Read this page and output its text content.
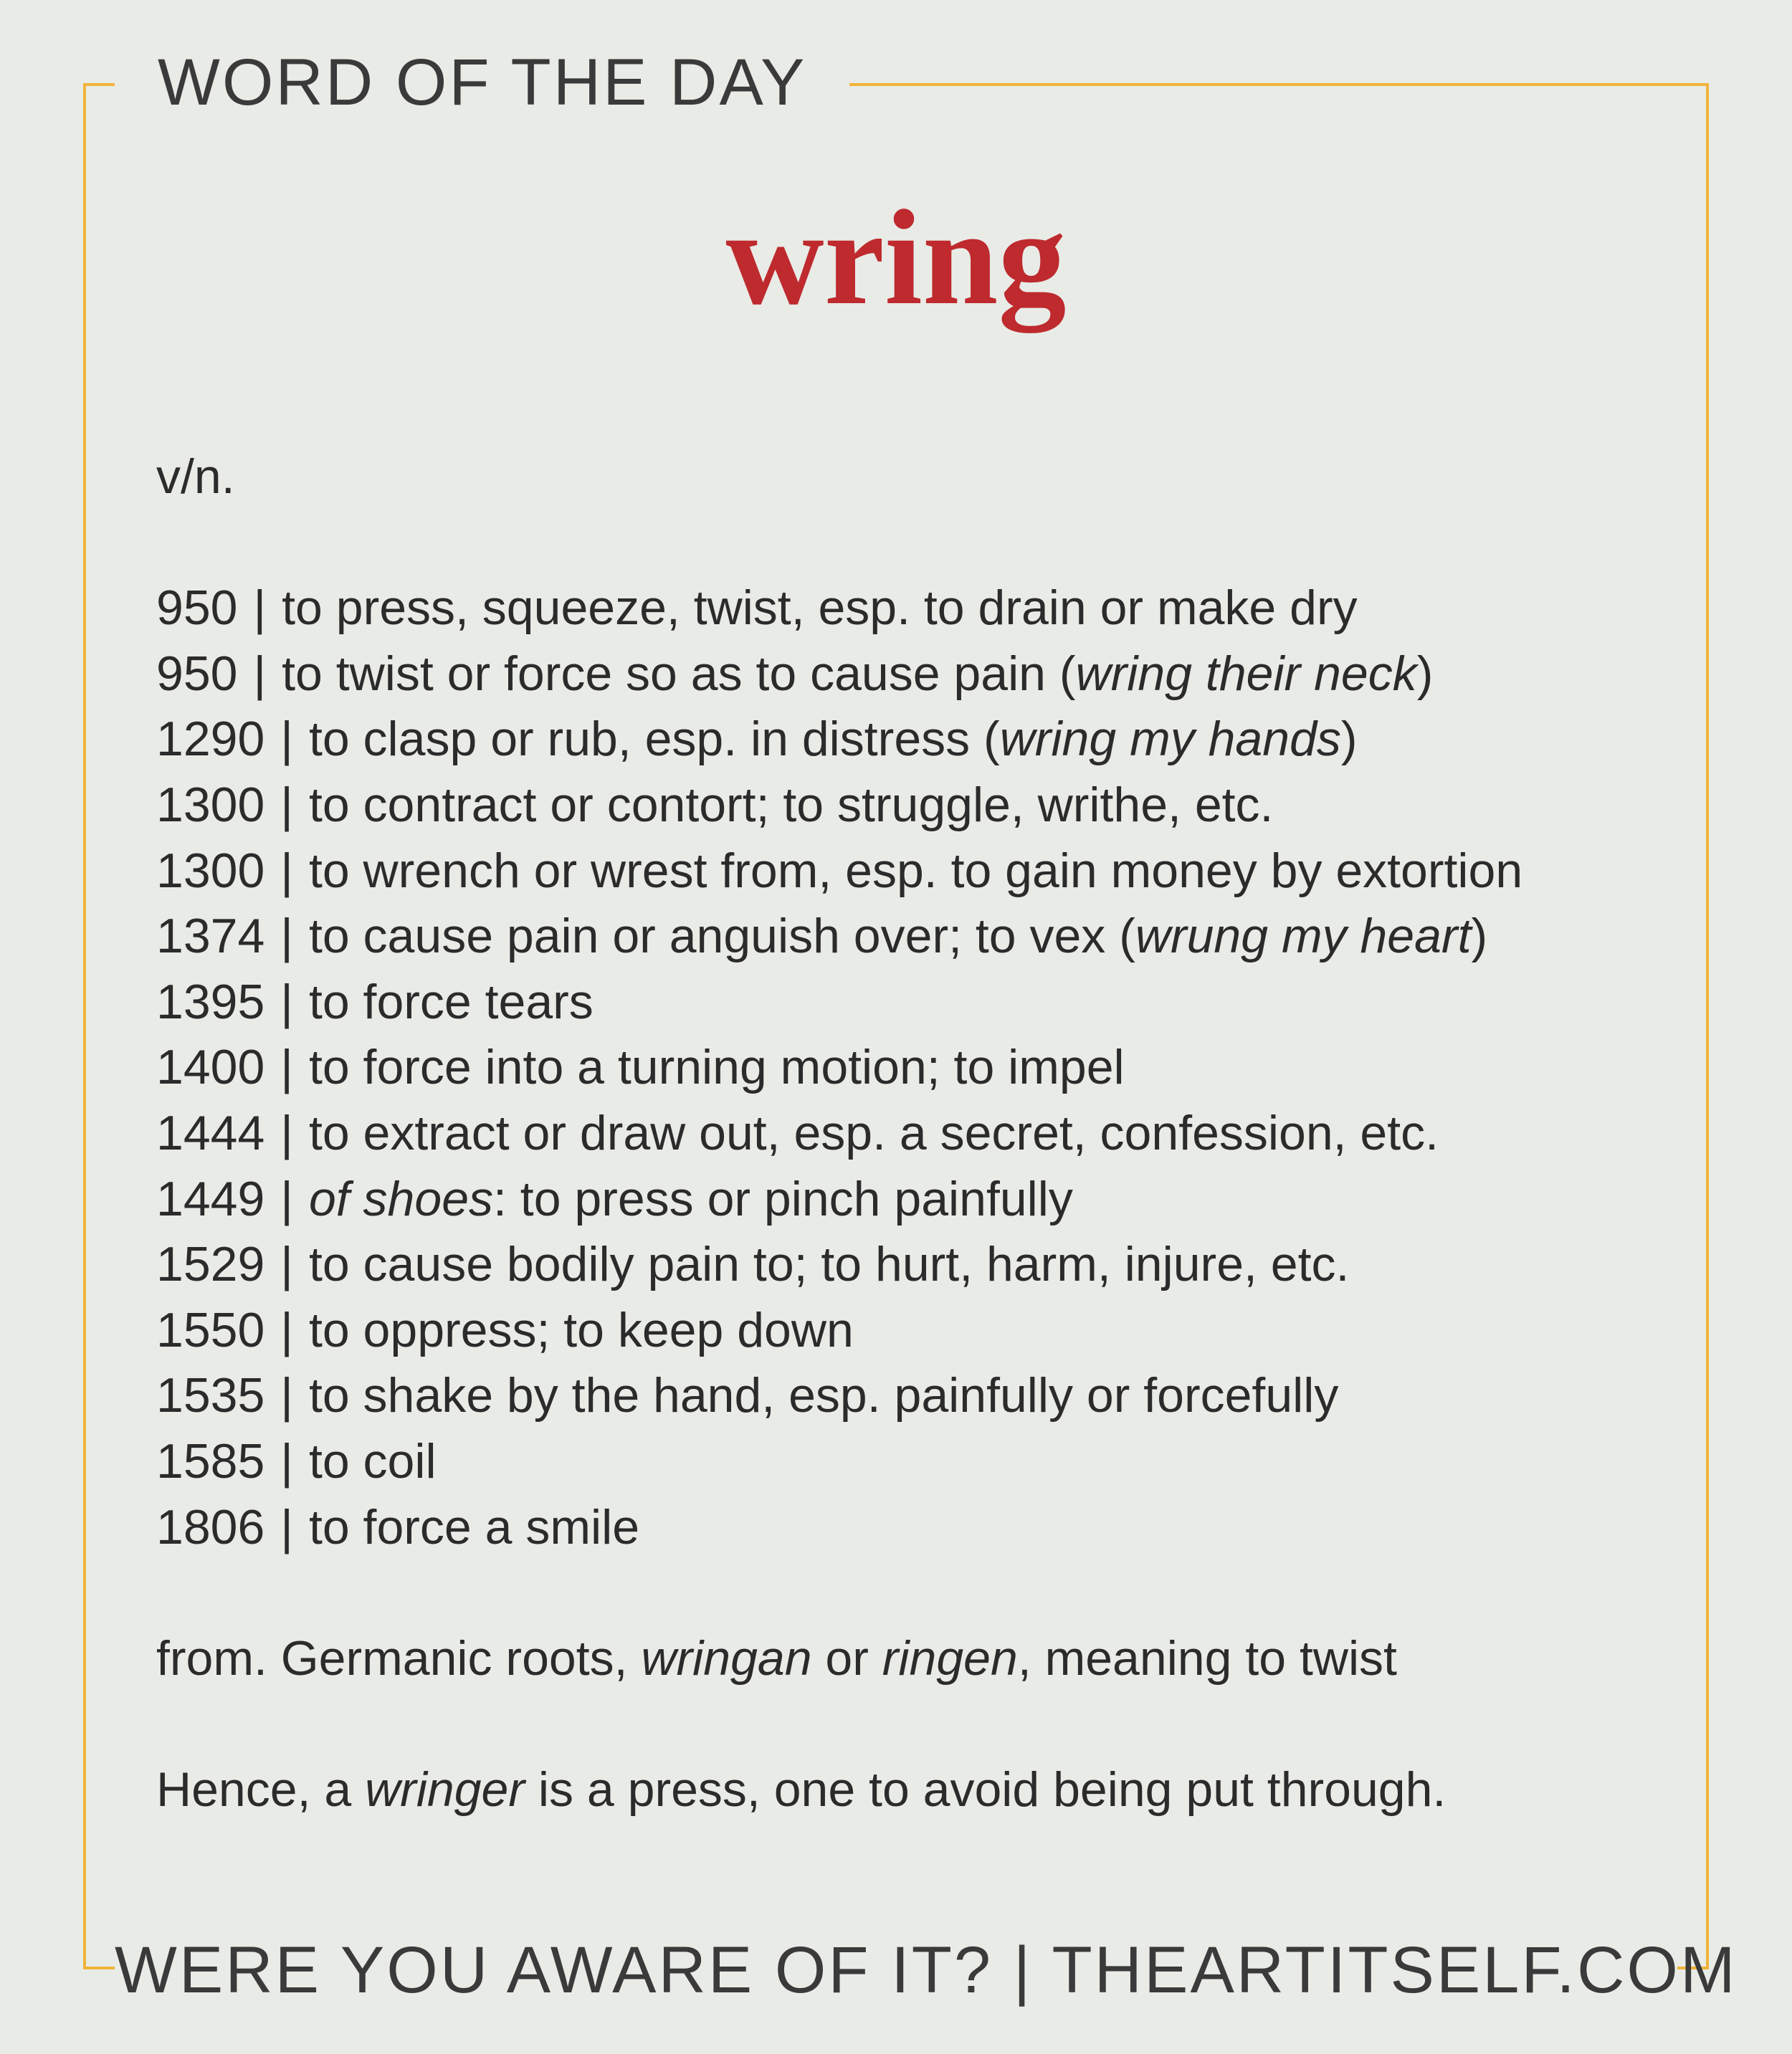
WORD OF THE DAY
wring

v/n.

950 | to press, squeeze, twist, esp. to drain or make dry
950 | to twist or force so as to cause pain (wring their neck)
1290 | to clasp or rub, esp. in distress (wring my hands)
1300 | to contract or contort; to struggle, writhe, etc.
1300 | to wrench or wrest from, esp. to gain money by extortion
1374 | to cause pain or anguish over; to vex (wrung my heart)
1395 | to force tears
1400 | to force into a turning motion; to impel
1444 | to extract or draw out, esp. a secret, confession, etc.
1449 | of shoes: to press or pinch painfully
1529 | to cause bodily pain to; to hurt, harm, injure, etc.
1550 | to oppress; to keep down
1535 | to shake by the hand, esp. painfully or forcefully
1585 | to coil
1806 | to force a smile

from. Germanic roots, wringan or ringen, meaning to twist

Hence, a wringer is a press, one to avoid being put through.

WERE YOU AWARE OF IT? | THEARTITSELF.COM
